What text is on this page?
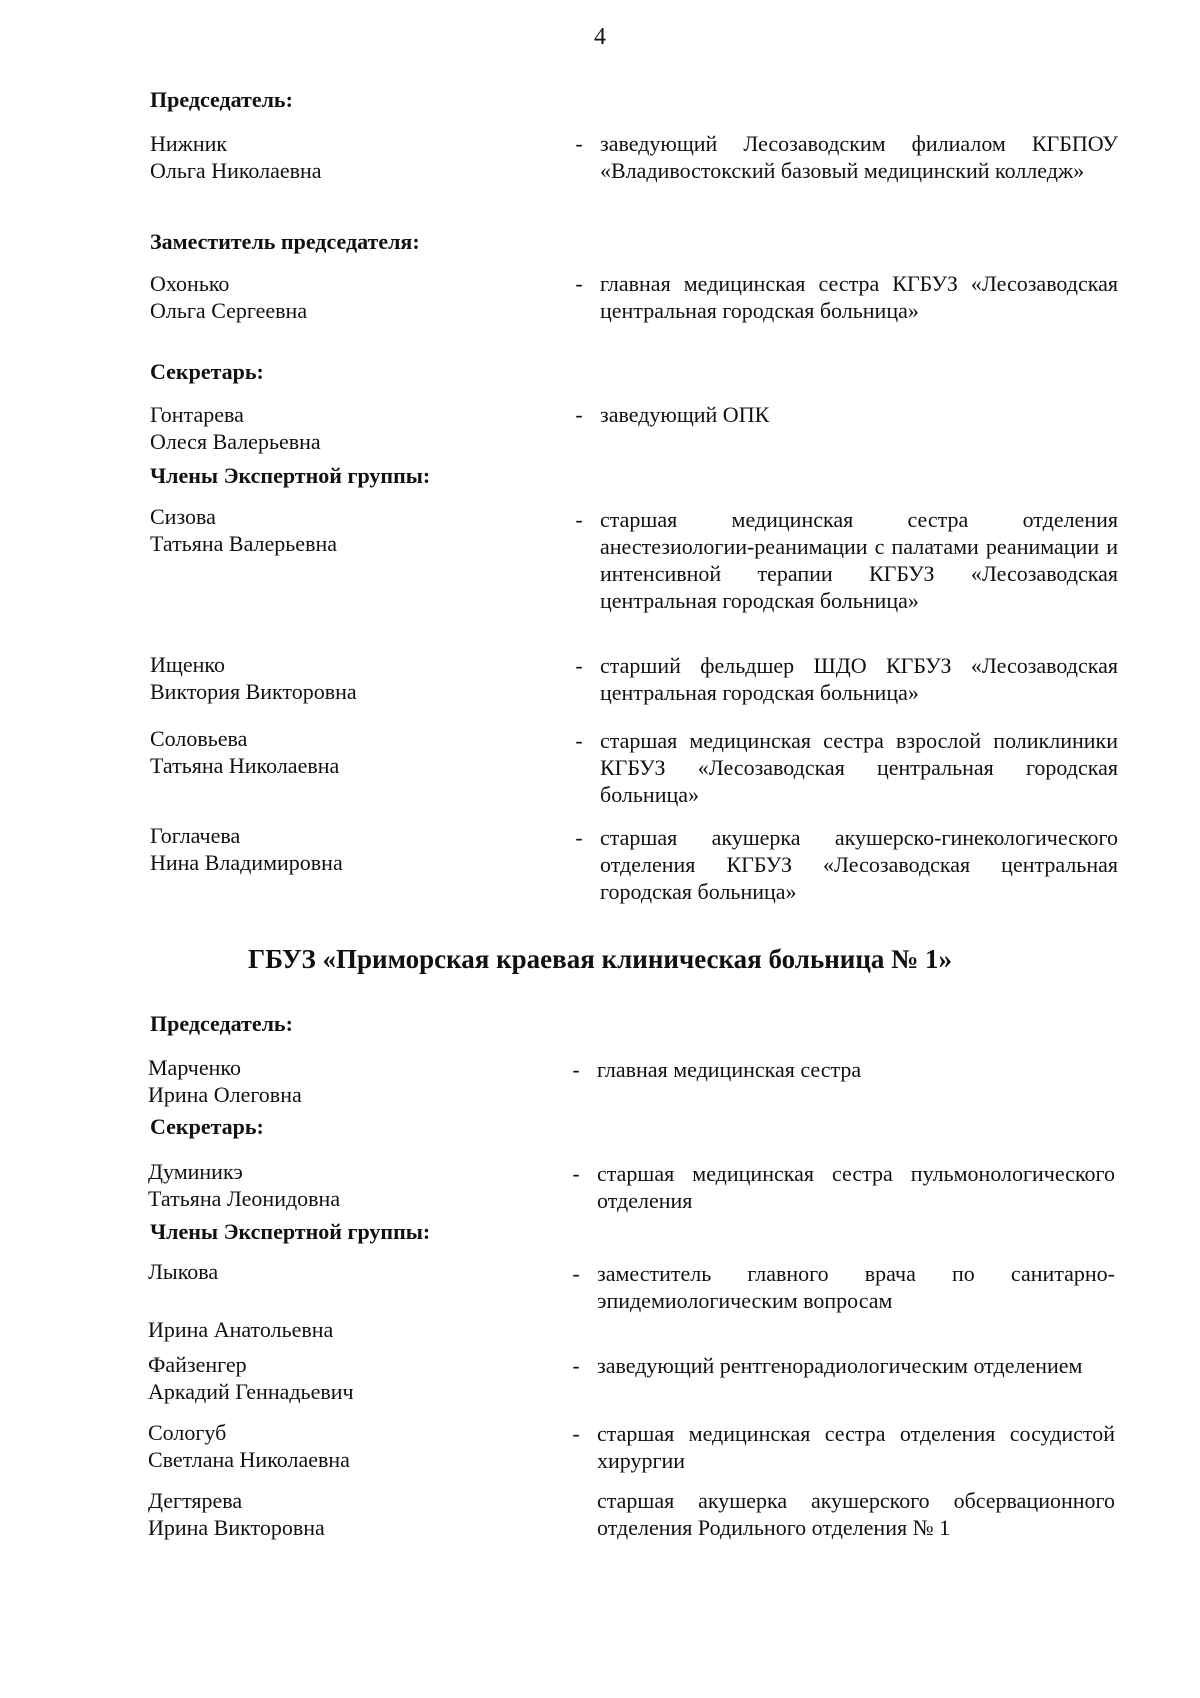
4
Председатель:
Нижник
Ольга Николаевна
- заведующий Лесозаводским филиалом КГБПОУ «Владивостокский базовый медицинский колледж»
Заместитель председателя:
Охонько
Ольга Сергеевна
- главная медицинская сестра КГБУЗ «Лесозаводская центральная городская больница»
Секретарь:
Гонтарева
Олеся Валерьевна
- заведующий ОПК
Члены Экспертной группы:
Сизова
Татьяна Валерьевна
- старшая медицинская сестра отделения анестезиологии-реанимации с палатами реанимации и интенсивной терапии КГБУЗ «Лесозаводская центральная городская больница»
Ищенко
Виктория Викторовна
- старший фельдшер ШДО КГБУЗ «Лесозаводская центральная городская больница»
Соловьева
Татьяна Николаевна
- старшая медицинская сестра взрослой поликлиники КГБУЗ «Лесозаводская центральная городская больница»
Гоглачева
Нина Владимировна
- старшая акушерка акушерско-гинекологического отделения КГБУЗ «Лесозаводская центральная городская больница»
ГБУЗ «Приморская краевая клиническая больница № 1»
Председатель:
Марченко
Ирина Олеговна
- главная медицинская сестра
Секретарь:
Думиникэ
Татьяна Леонидовна
- старшая медицинская сестра пульмонологического отделения
Члены Экспертной группы:
Лыкова
Ирина Анатольевна
- заместитель главного врача по санитарно-эпидемиологическим вопросам
Файзенгер
Аркадий Геннадьевич
- заведующий рентгенорадиологическим отделением
Сологуб
Светлана Николаевна
- старшая медицинская сестра отделения сосудистой хирургии
Дегтярева
Ирина Викторовна
старшая акушерка акушерского обсервационного отделения Родильного отделения № 1
